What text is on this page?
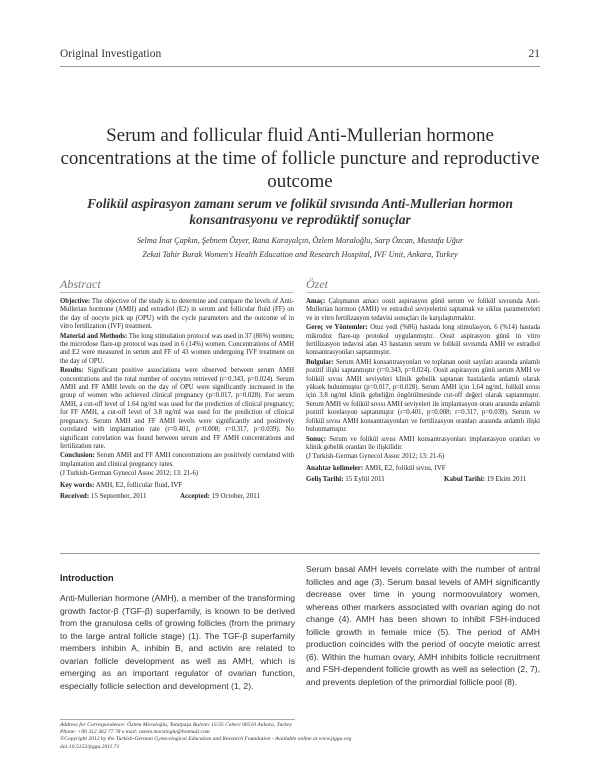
Original Investigation	21
Serum and follicular fluid Anti-Mullerian hormone concentrations at the time of follicle puncture and reproductive outcome
Folikül aspirasyon zamanı serum ve folikül sıvısında Anti-Mullerian hormon konsantrasyonu ve reprodüktif sonuçlar
Selma İnat Çapkın, Şebnem Özyer, Rana Karayalçın, Özlem Moraloğlu, Sarp Özcan, Mustafa Uğur
Zekai Tahir Burak Women's Health Education and Research Hospital, IVF Unit, Ankara, Turkey
Abstract	Özet

Objective: The objective of the study is to determine and compare the levels of Anti-Mullerian hormone (AMH) and estradiol (E2) in serum and follicular fluid (FF) on the day of oocyte pick up (OPU) with the cycle parameters and the outcome of in vitro fertilization (IVF) treatment.

Material and Methods: The long stimulation protocol was used in 37 (86%) women; the microdose flare-up protocol was used in 6 (14%) women. Concentrations of AMH and E2 were measured in serum and FF of 43 women undergoing IVF treatment on the day of OPU.

Results: Significant positive associations were observed between serum AMH concentrations and the total number of oocytes retrieved (r=0.343, p=0.024). Serum AMH and FF AMH levels on the day of OPU were significantly increased in the group of women who achieved clinical pregnancy (p=0.017, p=0.028). For serum AMH, a cut-off level of 1.64 ng/ml was used for the prediction of clinical pregnancy; for FF AMH, a cut-off level of 3.8 ng/ml was used for the prediction of clinical pregnancy. Serum AMH and FF AMH levels were significantly and positively correlated with implantation rate (r=0.401, p=0.008; r=0.317, p=0.039). No significant correlation was found between serum and FF AMH concentrations and fertilization rate.

Conclusion: Serum AMH and FF AMH concentrations are positively correlated with implantation and clinical pregnancy rates.

(J Turkish-German Gynecol Assoc 2012; 13: 21-6)

Key words: AMH, E2, follicular fluid, IVF
Received: 15 September, 2011	Accepted: 19 October, 2011

Amaç: Çalışmanın amacı oosit aspirasyon günü serum ve folikül sıvısında Anti-Mullerian hormon (AMH) ve estradiol seviyelerini saptamak ve siklus parametreleri ve in vitro fertilizasyon tedavisi sonuçları ile karşılaştırmaktır.

Gereç ve Yöntemler: Otuz yedi (%86) hastada long stimulasyon, 6 (%14) hastada mikrodoz flare-up protokol uygulanmıştır. Oosit aspirasyon günü in vitro fertilizasyon tedavisi alan 43 hastanın serum ve folikül sıvısında AMH ve estradiol konsantrasyonları saptanmıştır.

Bulgular: Serum AMH konsantrasyonları ve toplanan oosit sayıları arasında anlamlı pozitif ilişki saptanmıştır (r=0.343, p=0.024). Oosit aspirasyon günü serum AMH ve folikül sıvısı AMH seviyeleri klinik gebelik saptanan hastalarda anlamlı olarak yüksek bulunmuştur (p=0.017, p=0.028). Serum AMH için 1.64 ng/ml, folikül sıvısı için 3.8 ng/ml klinik gebeliğin öngörülmesinde cut-off değeri olarak saptanmıştır. Serum AMH ve folikül sıvısı AMH seviyeleri ile implantasyon oranı arasında anlamlı pozitif korelasyon saptanmıştır (r=0.401, p=0.008; r=0.317, p=0.039). Serum ve folikül sıvısı AMH konsantrasyonları ve fertilizasyon oranları arasında anlamlı ilişki bulunmamıştır.

Sonuç: Serum ve folikül sıvısı AMH konsantrasyonları implantasyon oranları ve klinik gebelik oranları ile ilişkilidir.

(J Turkish-German Gynecol Assoc 2012; 13: 21-6)

Anahtar kelimeler: AMH, E2, folikül sıvısı, IVF
Geliş Tarihi: 15 Eylül 2011	Kabul Tarihi: 19 Ekim 2011
Introduction

Anti-Mullerian hormone (AMH), a member of the transforming growth factor-β (TGF-β) superfamily, is known to be derived from the granulosa cells of growing follicles (from the primary to the large antral follicle stage) (1). The TGF-β superfamily members inhibin A, inhibin B, and activin are related to ovarian follicle development as well as AMH, which is emerging as an important regulator of ovarian function, especially follicle selection and development (1, 2).

Serum basal AMH levels correlate with the number of antral follicles and age (3). Serum basal levels of AMH significantly decrease over time in young normoovulatory women, whereas other markers associated with ovarian aging do not change (4). AMH has been shown to inhibit FSH-induced follicle growth in female mice (5). The period of AMH production coincides with the period of oocyte meiotic arrest (6). Within the human ovary, AMH inhibits follicle recruitment and FSH-dependent follicle growth as well as selection (2, 7), and prevents depletion of the primordial follicle pool (8).

Address for Correspondence: Özlem Moraloğlu, Talatpaşa Bulvarı 15/35 Cebeci 06510 Ankara, Turkey
Phone: +90 312 362 77 78 e.mail: ozlem.moraloglu@hotmail.com
©Copyright 2012 by the Turkish-German Gynecological Education and Research Foundation - Available online at www.jtgga.org
doi:10.5152/jtgga.2011.71
